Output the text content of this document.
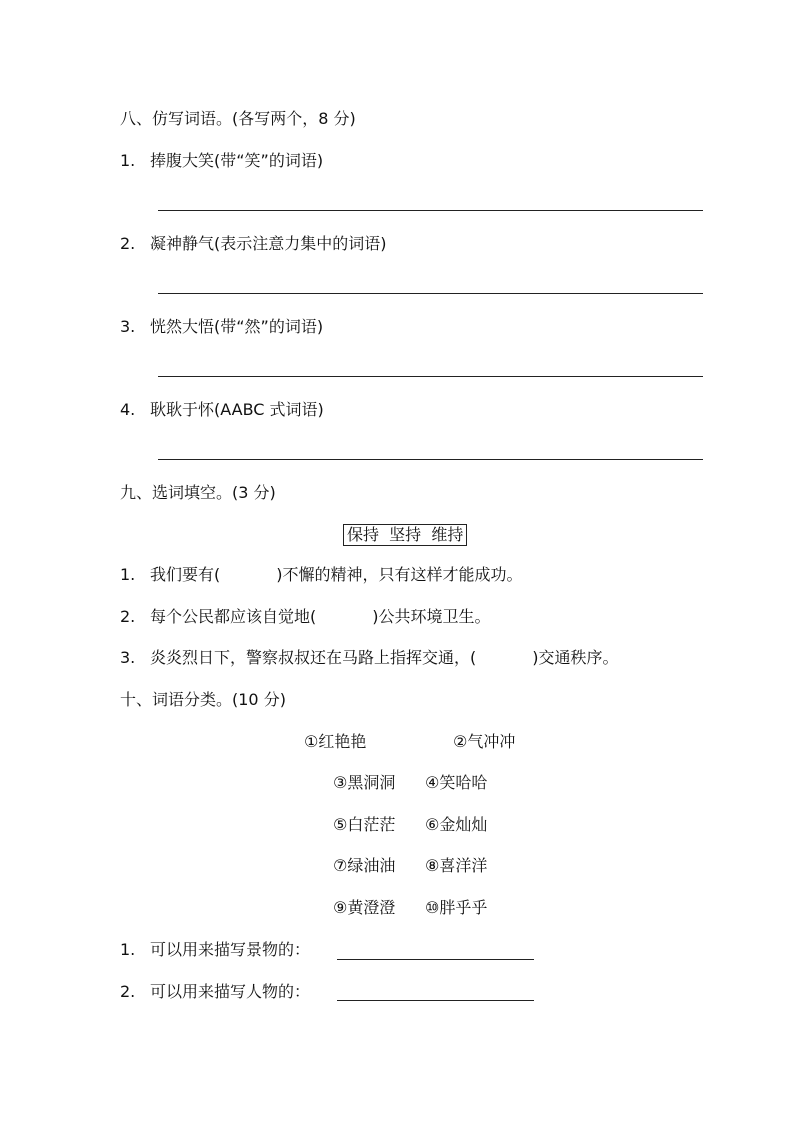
八、仿写词语。(各写两个，8 分)
1. 捧腹大笑(带“笑”的词语)
2. 凝神静气(表示注意力集中的词语)
3. 恍然大悟(带“然”的词语)
4. 耿耿于怀(AABC 式词语)
九、选词填空。(3 分)
保持  坚持  维持
1. 我们要有(	)不懈的精神，只有这样才能成功。
2. 每个公民都应该自觉地(	)公共环境卫生。
3. 炎炎烈日下，警察叔叔还在马路上指挥交通，(	)交通秩序。
十、词语分类。(10 分)
①红艳艳	②气冲冲
③黑洞洞 ④笑哈哈
⑤白茫茫 ⑥金灿灿
⑦绿油油 ⑧喜洋洋
⑨黄澄澄 ⑩胖乎乎
1. 可以用来描写景物的：
2. 可以用来描写人物的：
